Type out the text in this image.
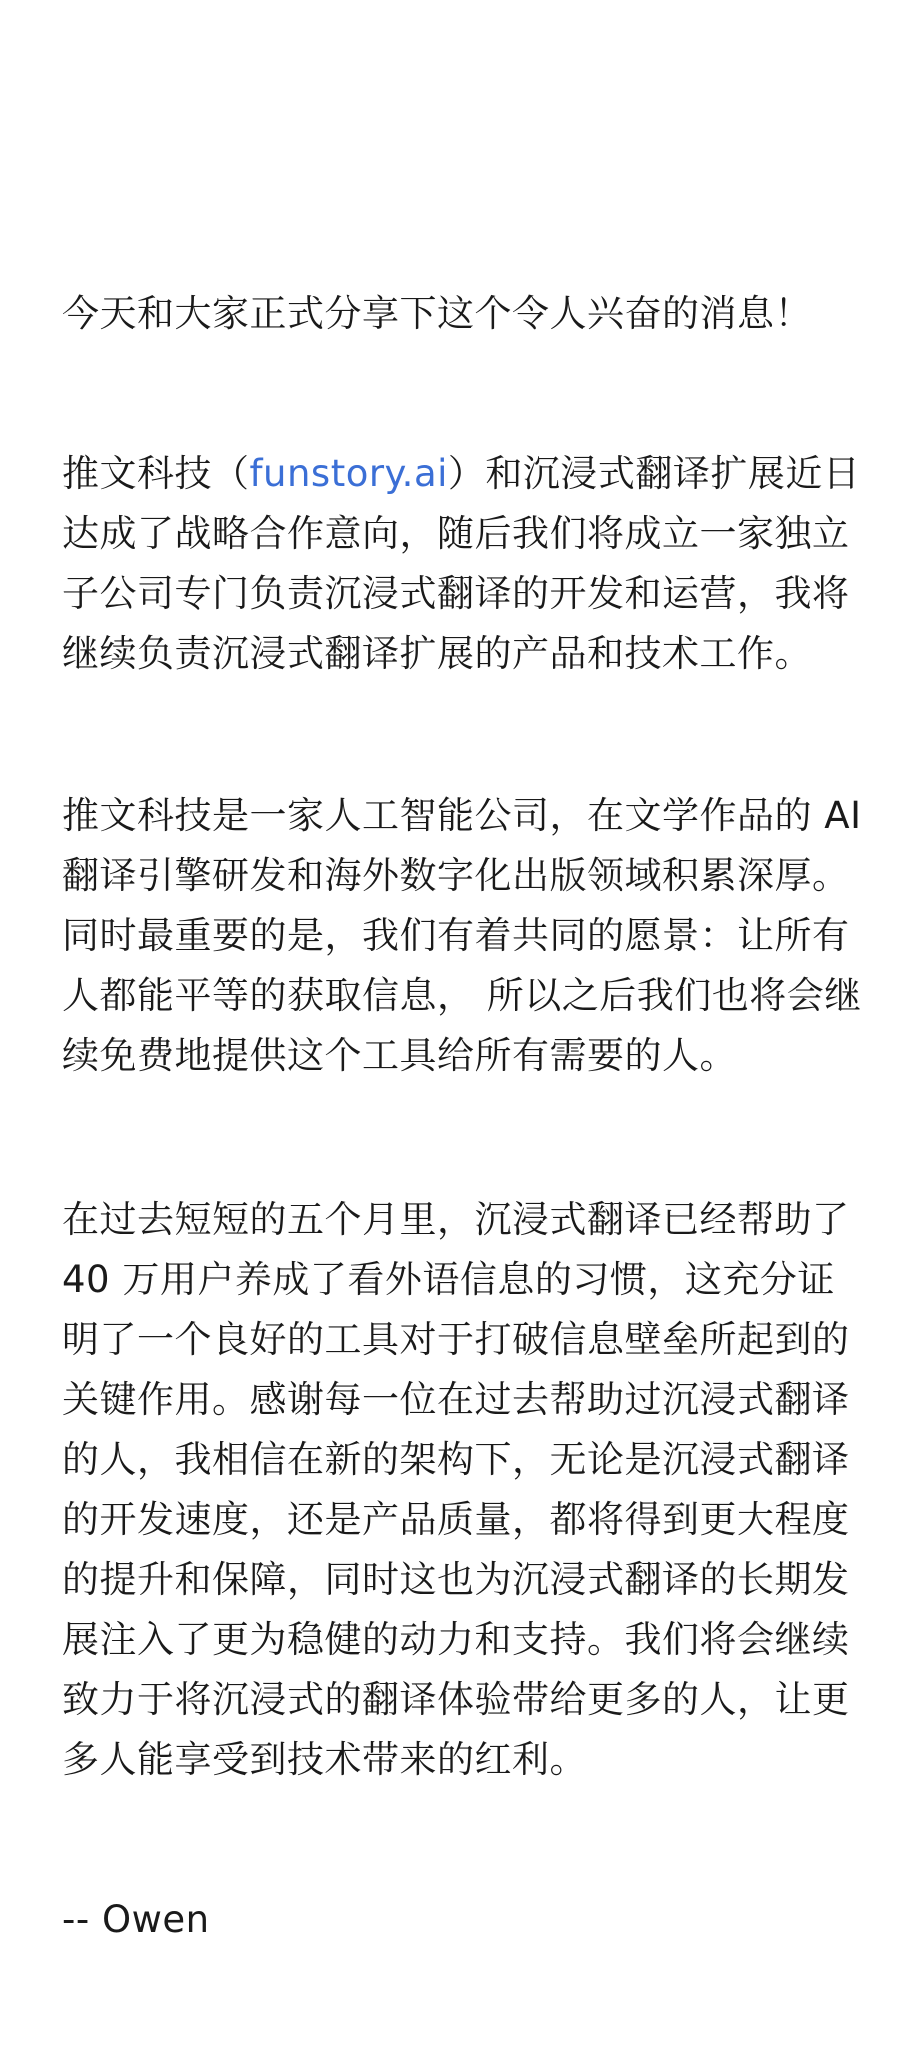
今天和大家正式分享下这个令人兴奋的消息！

推文科技（funstory.ai）和沉浸式翻译扩展近日
达成了战略合作意向，随后我们将成立一家独立
子公司专门负责沉浸式翻译的开发和运营，我将
继续负责沉浸式翻译扩展的产品和技术工作。

推文科技是一家人工智能公司，在文学作品的 AI
翻译引擎研发和海外数字化出版领域积累深厚。
同时最重要的是，我们有着共同的愿景：让所有
人都能平等的获取信息， 所以之后我们也将会继
续免费地提供这个工具给所有需要的人。

在过去短短的五个月里，沉浸式翻译已经帮助了
40 万用户养成了看外语信息的习惯，这充分证
明了一个良好的工具对于打破信息壁垒所起到的
关键作用。感谢每一位在过去帮助过沉浸式翻译
的人，我相信在新的架构下，无论是沉浸式翻译
的开发速度，还是产品质量，都将得到更大程度
的提升和保障，同时这也为沉浸式翻译的长期发
展注入了更为稳健的动力和支持。我们将会继续
致力于将沉浸式的翻译体验带给更多的人，让更
多人能享受到技术带来的红利。

-- Owen
